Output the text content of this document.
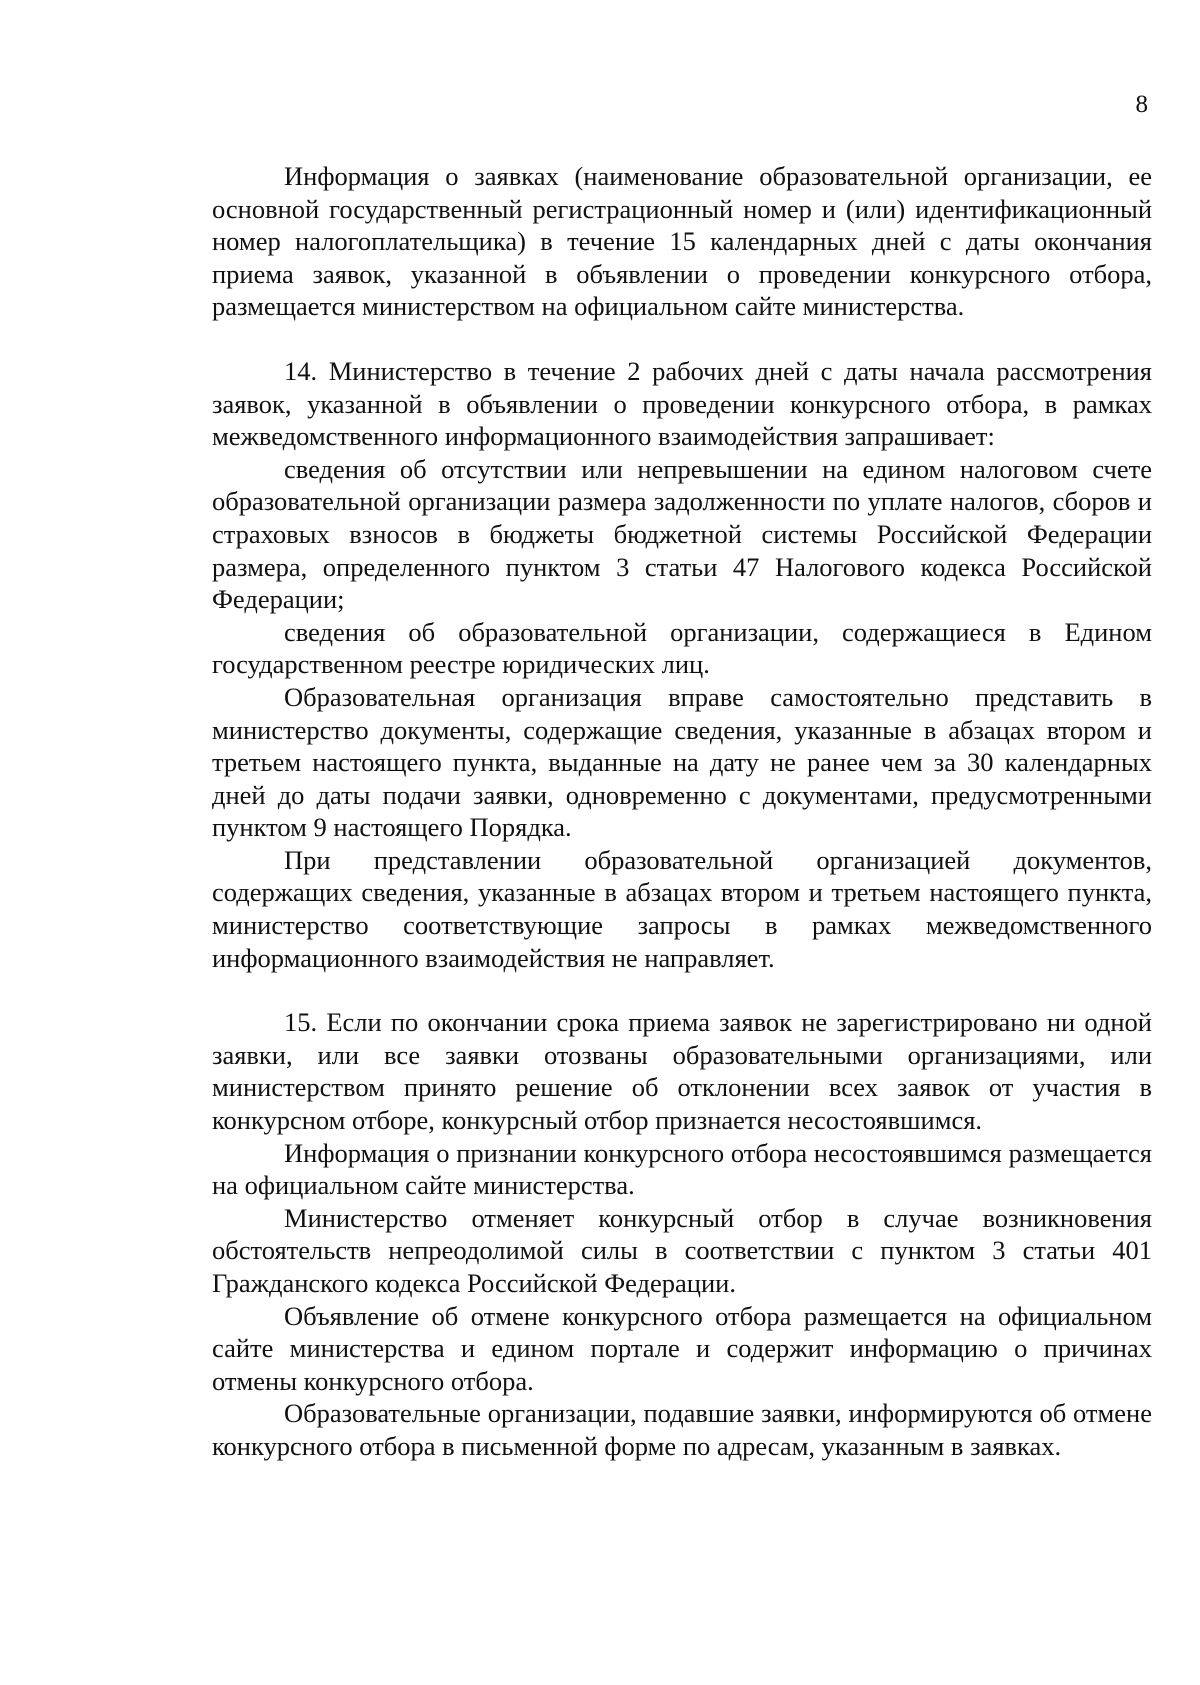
8

Информация о заявках (наименование образовательной организации, ее основной государственный регистрационный номер и (или) идентификационный номер налогоплательщика) в течение 15 календарных дней с даты окончания приема заявок, указанной в объявлении о проведении конкурсного отбора, размещается министерством на официальном сайте министерства.

14. Министерство в течение 2 рабочих дней с даты начала рассмотрения заявок, указанной в объявлении о проведении конкурсного отбора, в рамках межведомственного информационного взаимодействия запрашивает:

сведения об отсутствии или непревышении на едином налоговом счете образовательной организации размера задолженности по уплате налогов, сборов и страховых взносов в бюджеты бюджетной системы Российской Федерации размера, определенного пунктом 3 статьи 47 Налогового кодекса Российской Федерации;

сведения об образовательной организации, содержащиеся в Едином государственном реестре юридических лиц.

Образовательная организация вправе самостоятельно представить в министерство документы, содержащие сведения, указанные в абзацах втором и третьем настоящего пункта, выданные на дату не ранее чем за 30 календарных дней до даты подачи заявки, одновременно с документами, предусмотренными пунктом 9 настоящего Порядка.

При представлении образовательной организацией документов, содержащих сведения, указанные в абзацах втором и третьем настоящего пункта, министерство соответствующие запросы в рамках межведомственного информационного взаимодействия не направляет.

15. Если по окончании срока приема заявок не зарегистрировано ни одной заявки, или все заявки отозваны образовательными организациями, или министерством принято решение об отклонении всех заявок от участия в конкурсном отборе, конкурсный отбор признается несостоявшимся.

Информация о признании конкурсного отбора несостоявшимся размещается на официальном сайте министерства.

Министерство отменяет конкурсный отбор в случае возникновения обстоятельств непреодолимой силы в соответствии с пунктом 3 статьи 401 Гражданского кодекса Российской Федерации.

Объявление об отмене конкурсного отбора размещается на официальном сайте министерства и едином портале и содержит информацию о причинах отмены конкурсного отбора.

Образовательные организации, подавшие заявки, информируются об отмене конкурсного отбора в письменной форме по адресам, указанным в заявках.
